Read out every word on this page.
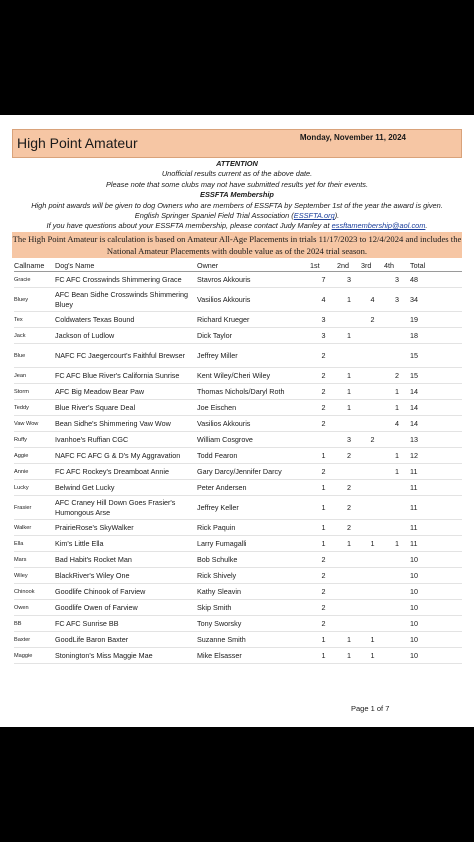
High Point Amateur	Monday, November 11, 2024
ATTENTION
Unofficial results current as of the above date.
Please note that some clubs may not have submitted results yet for their events.
ESSFTA Membership
High point awards will be given to dog Owners who are members of ESSFTA by September 1st of the year the award is given.
English Springer Spaniel Field Trial Association (ESSFTA.org).
If you have questions about your ESSFTA membership, please contact Judy Manley at essftamembership@aol.com.
The High Point Amateur is calculation is based on Amateur All-Age Placements in trials 11/17/2023 to 12/4/2024 and includes the National Amateur Placements with double value as of the 2024 trial season.
Callname	Dog's Name	Owner	1st	2nd	3rd	4th	Total
Gracie	FC AFC Crosswinds Shimmering Grace	Stavros Akkouris	7	3		3	48
Bluey	AFC Bean Sidhe Crosswinds Shimmering Bluey	Vasilios Akkouris	4	1	4	3	34
Tex	Coldwaters Texas Bound	Richard Krueger	3		2		19
Jack	Jackson of Ludlow	Dick Taylor	3	1			18
Blue	NAFC FC Jaegercourt's Faithful Brewser	Jeffrey Miller	2				15
Jean	FC AFC Blue River's California Sunrise	Kent Wiley/Cheri Wiley	2	1		2	15
Storm	AFC Big Meadow Bear Paw	Thomas Nichols/Daryl Roth	2	1		1	14
Teddy	Blue River's Square Deal	Joe Eischen	2	1		1	14
Vaw Wow	Bean Sidhe's Shimmering Vaw Wow	Vasilios Akkouris	2			4	14
Ruffy	Ivanhoe's Ruffian CGC	William Cosgrove		3	2		13
Aggie	NAFC FC AFC G & D's My Aggravation	Todd Fearon	1	2		1	12
Annie	FC AFC Rockey's Dreamboat Annie	Gary Darcy/Jennifer Darcy	2			1	11
Lucky	Belwind Get Lucky	Peter Andersen	1	2			11
Frasier	AFC Craney Hill Down Goes Frasier's Humongous Arse	Jeffrey Keller	1	2			11
Walker	PrairieRose's SkyWalker	Rick Paquin	1	2			11
Ella	Kim's Little Ella	Larry Fumagalli	1	1	1	1	11
Mars	Bad Habit's Rocket Man	Bob Schulke	2				10
Wiley	BlackRiver's Wiley One	Rick Shively	2				10
Chinook	Goodlife Chinook of Farview	Kathy Sleavin	2				10
Owen	Goodlife Owen of Farview	Skip Smith	2				10
BB	FC AFC Sunrise BB	Tony Sworsky	2				10
Baxter	GoodLife Baron Baxter	Suzanne Smith	1	1	1		10
Maggie	Stonington's Miss Maggie Mae	Mike Elsasser	1	1	1		10
Page 1 of 7
